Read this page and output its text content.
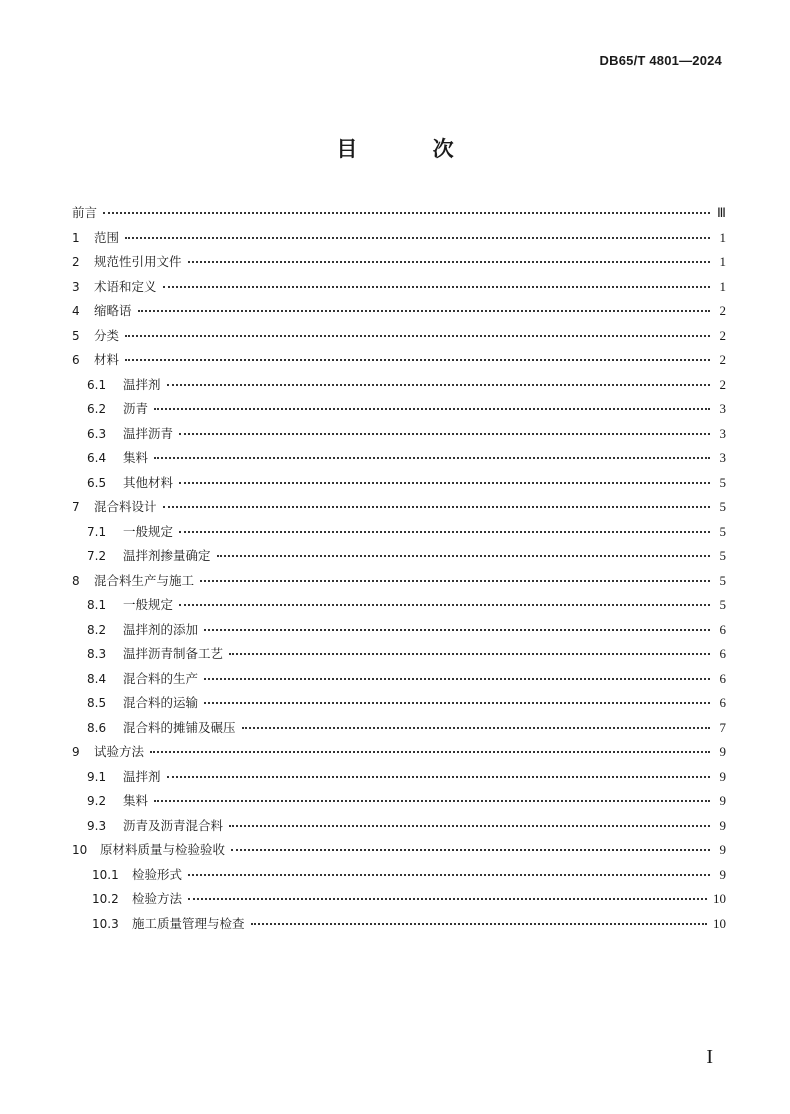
DB65/T 4801—2024
目 次
前言	Ⅲ
1	范围	1
2	规范性引用文件	1
3	术语和定义	1
4	缩略语	2
5	分类	2
6	材料	2
6.1	温拌剂	2
6.2	沥青	3
6.3	温拌沥青	3
6.4	集料	3
6.5	其他材料	5
7	混合料设计	5
7.1	一般规定	5
7.2	温拌剂掺量确定	5
8	混合料生产与施工	5
8.1	一般规定	5
8.2	温拌剂的添加	6
8.3	温拌沥青制备工艺	6
8.4	混合料的生产	6
8.5	混合料的运输	6
8.6	混合料的摊铺及碾压	7
9	试验方法	9
9.1	温拌剂	9
9.2	集料	9
9.3	沥青及沥青混合料	9
10	原材料质量与检验验收	9
10.1	检验形式	9
10.2	检验方法	10
10.3	施工质量管理与检查	10
I
